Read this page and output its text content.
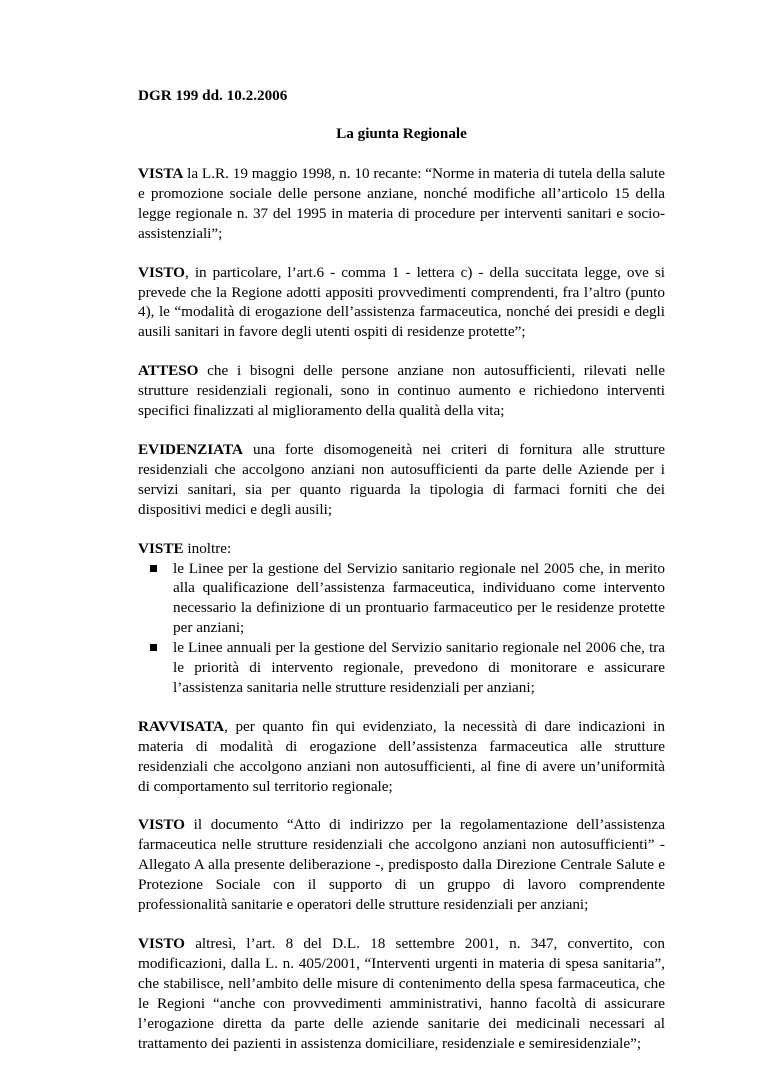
DGR 199 dd. 10.2.2006
La giunta Regionale

VISTA la L.R. 19 maggio 1998, n. 10 recante: “Norme in materia di tutela della salute e promozione sociale delle persone anziane, nonché modifiche all’articolo 15 della legge regionale n. 37 del 1995 in materia di procedure per interventi sanitari e socio-assistenziali”;

VISTO, in particolare, l’art.6 - comma 1 - lettera c) - della succitata legge, ove si prevede che la Regione adotti appositi provvedimenti comprendenti, fra l’altro (punto 4), le “modalità di erogazione dell’assistenza farmaceutica, nonché dei presidi e degli ausili sanitari in favore degli utenti ospiti di residenze protette”;

ATTESO che i bisogni delle persone anziane non autosufficienti, rilevati nelle strutture residenziali regionali, sono in continuo aumento e richiedono interventi specifici finalizzati al miglioramento della qualità della vita;

EVIDENZIATA una forte disomogeneità nei criteri di fornitura alle strutture residenziali che accolgono anziani non autosufficienti da parte delle Aziende per i servizi sanitari, sia per quanto riguarda la tipologia di farmaci forniti che dei dispositivi medici e degli ausili;

VISTE inoltre:

le Linee per la gestione del Servizio sanitario regionale nel 2005 che, in merito alla qualificazione dell’assistenza farmaceutica, individuano come intervento necessario la definizione di un prontuario farmaceutico per le residenze protette per anziani;
le Linee annuali per la gestione del Servizio sanitario regionale nel 2006 che, tra le priorità di intervento regionale, prevedono di monitorare e assicurare l’assistenza sanitaria nelle strutture residenziali per anziani;

RAVVISATA, per quanto fin qui evidenziato, la necessità di dare indicazioni in materia di modalità di erogazione dell’assistenza farmaceutica alle strutture residenziali che accolgono anziani non autosufficienti, al fine di avere un’uniformità di comportamento sul territorio regionale;

VISTO il documento “Atto di indirizzo per la regolamentazione dell’assistenza farmaceutica nelle strutture residenziali che accolgono anziani non autosufficienti” - Allegato A alla presente deliberazione -, predisposto dalla Direzione Centrale Salute e Protezione Sociale con il supporto di un gruppo di lavoro comprendente professionalità sanitarie e operatori delle strutture residenziali per anziani;

VISTO altresì, l’art. 8 del D.L. 18 settembre 2001, n. 347, convertito, con modificazioni, dalla L. n. 405/2001, “Interventi urgenti in materia di spesa sanitaria”, che stabilisce, nell’ambito delle misure di contenimento della spesa farmaceutica, che le Regioni “anche con provvedimenti amministrativi, hanno facoltà di assicurare l’erogazione diretta da parte delle aziende sanitarie dei medicinali necessari al trattamento dei pazienti in assistenza domiciliare, residenziale e semiresidenziale”;
